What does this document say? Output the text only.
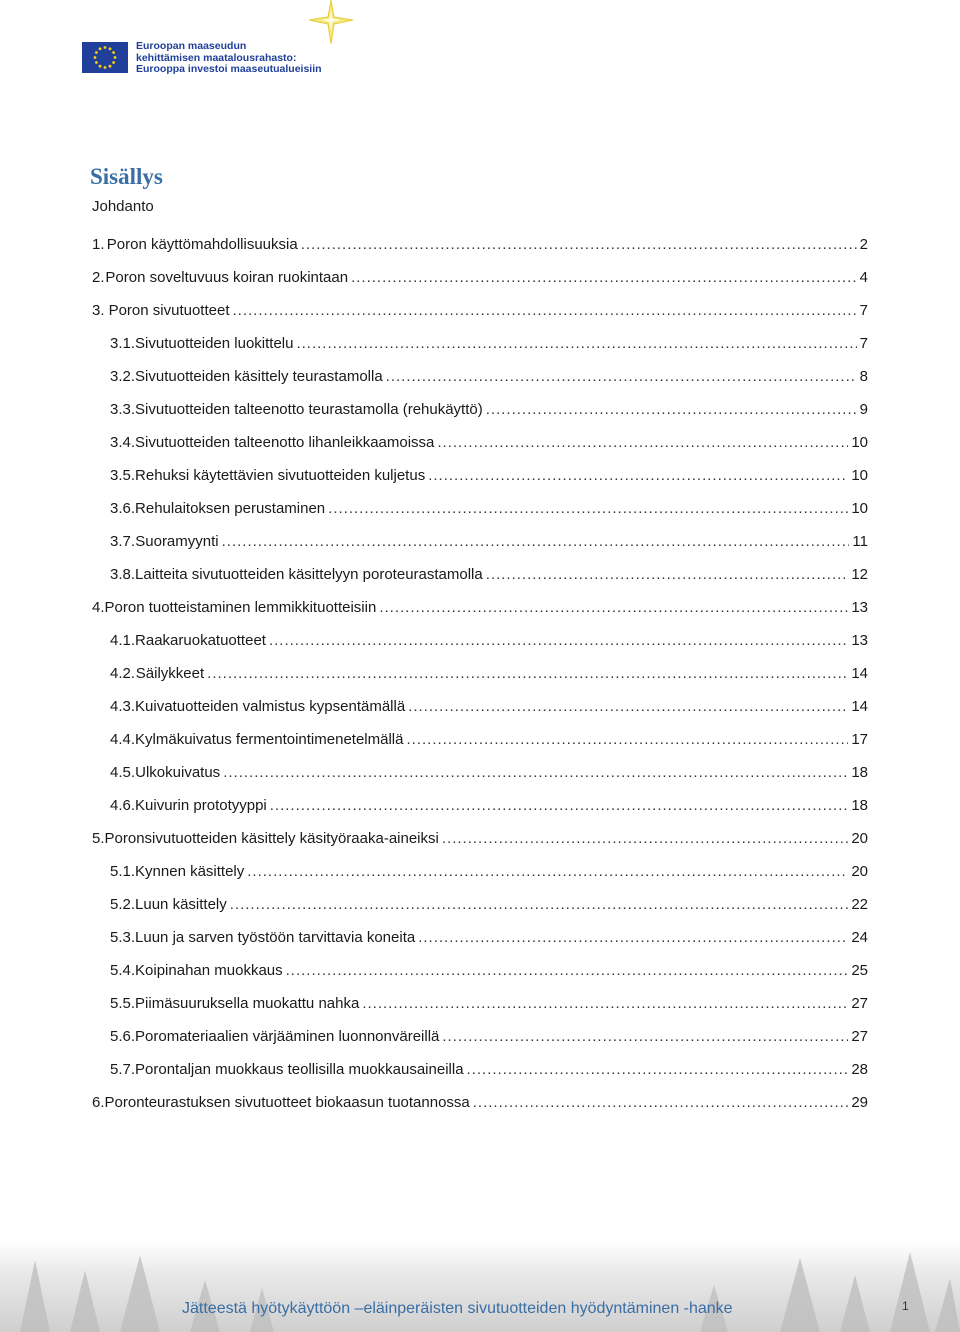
Euroopan maaseudun
kehittämisen maatalousrahasto:
Eurooppa investoi maaseutualueisiin
Sisällys
Johdanto
1. Poron käyttömahdollisuuksia .....	2
2. Poron soveltuvuus koiran ruokintaan .....	4
3. Poron sivutuotteet .....	7
3.1. Sivutuotteiden luokittelu .....	7
3.2. Sivutuotteiden käsittely teurastamolla .....	8
3.3. Sivutuotteiden talteenotto teurastamolla (rehukäyttö) .....	9
3.4. Sivutuotteiden talteenotto lihanleikkaamoissa .....	10
3.5. Rehuksi käytettävien sivutuotteiden kuljetus .....	10
3.6. Rehulaitoksen perustaminen .....	10
3.7. Suoramyynti .....	11
3.8. Laitteita sivutuotteiden käsittelyyn poroteurastamolla .....	12
4. Poron tuotteistaminen lemmikkituotteisiin .....	13
4.1. Raakaruokatuotteet .....	13
4.2. Säilykkeet .....	14
4.3. Kuivatuotteiden valmistus kypsentämällä .....	14
4.4. Kylmäkuivatus fermentointimenetelmällä .....	17
4.5. Ulkokuivatus .....	18
4.6. Kuivurin prototyyppi .....	18
5. Poronsivutuotteiden käsittely käsityöraaka-aineiksi .....	20
5.1. Kynnen käsittely .....	20
5.2. Luun käsittely .....	22
5.3. Luun ja sarven työstöön tarvittavia koneita .....	24
5.4. Koipinahan muokkaus .....	25
5.5. Piimäsuuruksella muokattu nahka .....	27
5.6. Poromateriaalien värjääminen luonnonväreillä .....	27
5.7. Porontaljan muokkaus teollisilla muokkausaineilla .....	28
6. Poronteurastuksen sivutuotteet biokaasun tuotannossa .....	29
Jätteestä hyötykäyttöön –eläinperäisten sivutuotteiden hyödyntäminen -hanke	1
